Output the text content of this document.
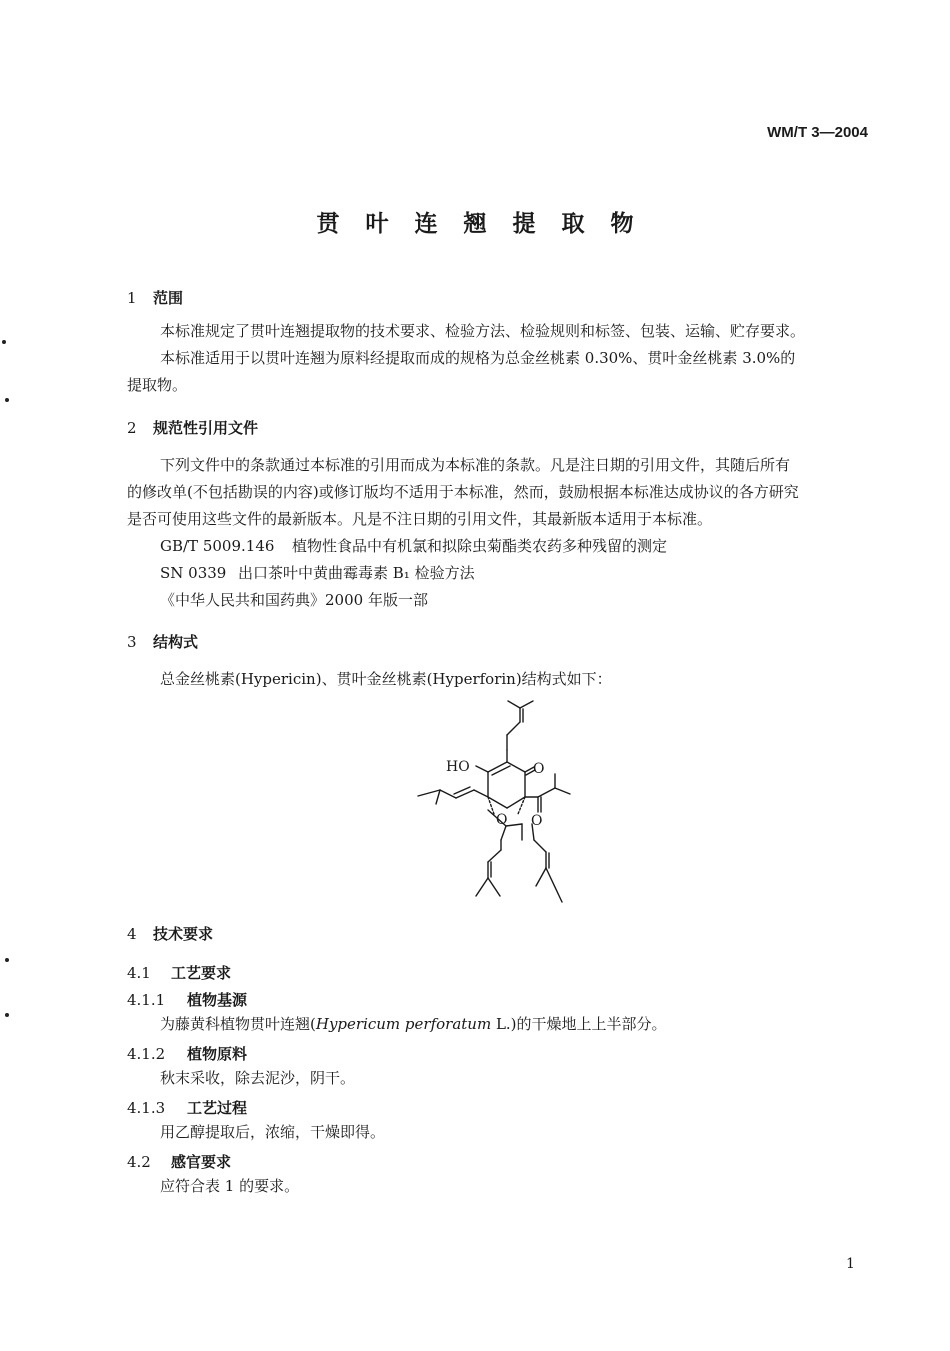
WM/T 3—2004
贯叶连翘提取物
1 范围
本标准规定了贯叶连翘提取物的技术要求、检验方法、检验规则和标签、包装、运输、贮存要求。
本标准适用于以贯叶连翘为原料经提取而成的规格为总金丝桃素 0.30%、贯叶金丝桃素 3.0%的
提取物。
2 规范性引用文件
下列文件中的条款通过本标准的引用而成为本标准的条款。凡是注日期的引用文件，其随后所有
的修改单(不包括勘误的内容)或修订版均不适用于本标准，然而，鼓励根据本标准达成协议的各方研究
是否可使用这些文件的最新版本。凡是不注日期的引用文件，其最新版本适用于本标准。
GB/T 5009.146 植物性食品中有机氯和拟除虫菊酯类农药多种残留的测定
SN 0339 出口茶叶中黄曲霉毒素 B₁ 检验方法
《中华人民共和国药典》2000 年版一部
3 结构式
总金丝桃素(Hypericin)、贯叶金丝桃素(Hyperforin)结构式如下：
HO	O
O O
4 技术要求
4.1 工艺要求
4.1.1 植物基源
为藤黄科植物贯叶连翘(Hypericum perforatum L.)的干燥地上上半部分。
4.1.2 植物原料
秋末采收，除去泥沙，阴干。
4.1.3 工艺过程
用乙醇提取后，浓缩，干燥即得。
4.2 感官要求
应符合表 1 的要求。
1
